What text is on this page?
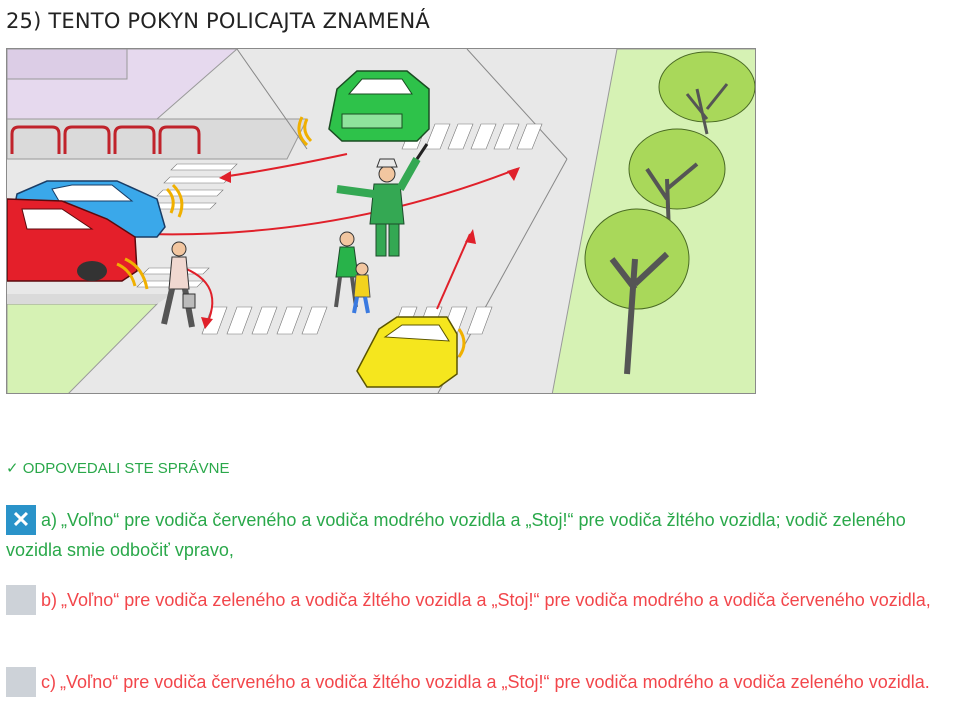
25) TENTO POKYN POLICAJTA ZNAMENÁ
✓ ODPOVEDALI STE SPRÁVNE
✕ a) „Voľno“ pre vodiča červeného a vodiča modrého vozidla a „Stoj!“ pre vodiča žltého vozidla; vodič zeleného vozidla smie odbočiť vpravo,
b) „Voľno“ pre vodiča zeleného a vodiča žltého vozidla a „Stoj!“ pre vodiča modrého a vodiča červeného vozidla,
c) „Voľno“ pre vodiča červeného a vodiča žltého vozidla a „Stoj!“ pre vodiča modrého a vodiča zeleného vozidla.
